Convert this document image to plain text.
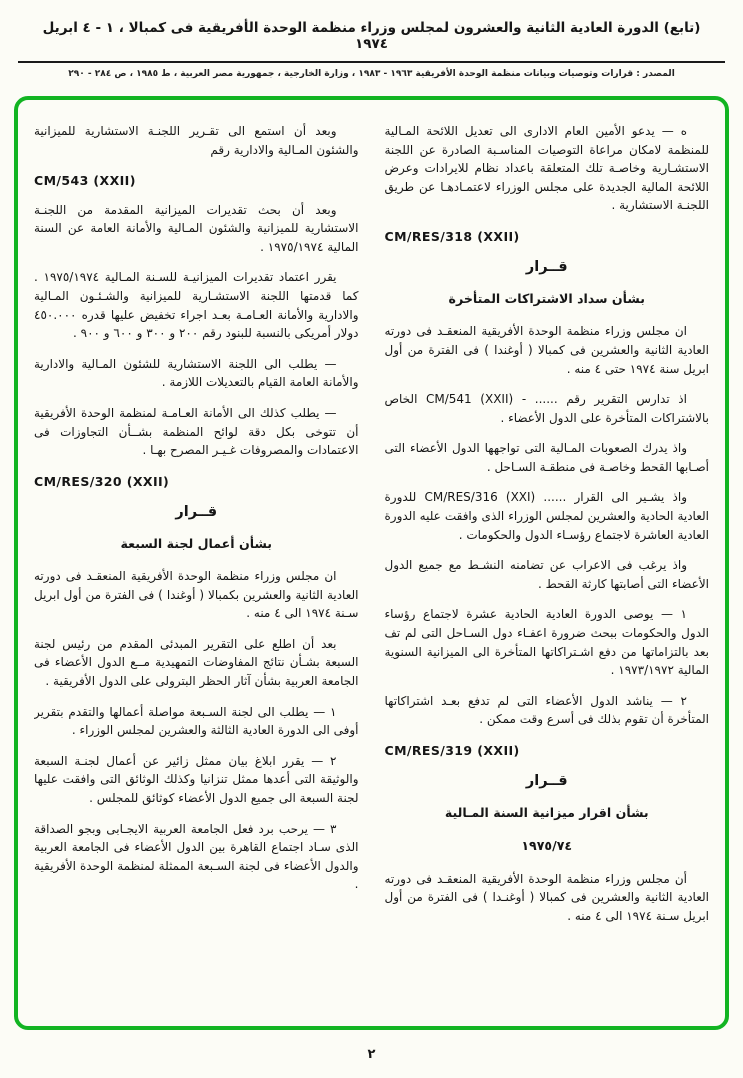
(تابع) الدورة العادية الثانية والعشرون لمجلس وزراء منظمة الوحدة الأفريقية فى كمبالا ، ١ - ٤ ابريل ١٩٧٤
المصدر : قرارات وتوصيات وبيانات منظمة الوحدة الأفريقية ١٩٦٣ - ١٩٨٣ ، وزارة الخارجية ، جمهورية مصر العربية ، ط ١٩٨٥ ، ص ٢٨٤ - ٢٩٠
ه — يدعو الأمين العام الادارى الى تعديل اللائحة المـالية للمنظمة لامكان مراعاة التوصيات المناسـبة الصادرة عن اللجنة الاستشـارية وخاصـة تلك المتعلقة باعداد نظام للايرادات وعرض اللائحة المالية الجديدة على مجلس الوزراء لاعتمـادهـا عن طريق اللجنـة الاستشارية .
CM/RES/318 (XXII)
قــرار
بشأن سداد الاشتراكات المتأخرة
ان مجلس وزراء منظمة الوحدة الأفريقية المنعقـد فى دورته العادية الثانية والعشرين فى كمبالا ( أوغندا ) فى الفترة من أول ابريل سنة ١٩٧٤ حتى ٤ منه .
اذ تدارس التقرير رقم ...... - CM/541 (XXII) الخاص بالاشتراكات المتأخرة على الدول الأعضاء .
واذ يدرك الصعوبات المـالية التى تواجهها الدول الأعضاء التى أصـابها القحط وخاصـة فى منطقـة السـاحل .
واذ يشـير الى القرار ...... CM/RES/316 (XXI) للدورة العادية الحادية والعشرين لمجلس الوزراء الذى وافقت عليه الدورة العادية العاشرة لاجتماع رؤسـاء الدول والحكومات .
واذ يرغب فى الاعراب عن تضامنه النشـط مع جميع الدول الأعضاء التى أصابتها كارثة القحط .
١ — يوصى الدورة العادية الحادية عشرة لاجتماع رؤساء الدول والحكومات ببحث ضرورة اعفـاء دول السـاحل التى لم تف بعد بالتزاماتها من دفع اشـتراكاتها المتأخرة الى الميزانية السنوية المالية ١٩٧٣/١٩٧٢ .
٢ — يناشد الدول الأعضاء التى لم تدفع بعـد اشتراكاتها المتأخرة أن تقوم بذلك فى أسرع وقت ممكن .
CM/RES/319 (XXII)
قــرار
بشأن اقرار ميزانية السنة المـالية
١٩٧٥/٧٤
أن مجلس وزراء منظمة الوحدة الأفريقية المنعقـد فى دورته العادية الثانية والعشرين فى كمبالا ( أوغنـدا ) فى الفترة من أول ابريل سـنة ١٩٧٤ الى ٤ منه .
وبعد أن استمع الى تقـرير اللجنـة الاستشارية للميزانية والشئون المـالية والادارية رقم
CM/543 (XXII)
وبعد أن بحث تقديرات الميزانية المقدمة من اللجنـة الاستشارية للميزانية والشئون المـالية والأمانة العامة عن السنة المالية ١٩٧٥/١٩٧٤ .
يقرر اعتماد تقديرات الميزانيـة للسـنة المـالية ١٩٧٥/١٩٧٤ . كما قدمتها اللجنة الاستشـارية للميزانية والشـئـون المـالية والادارية والأمانة العـامـة بعـد اجراء تخفيض عليها قدره ٤٥٠.٠٠٠ دولار أمريكى بالنسبة للبنود رقم ٢٠٠ و ٣٠٠ و ٦٠٠ و ٩٠٠ .
— يطلب الى اللجنة الاستشارية للشئون المـالية والادارية والأمانة العامة القيام بالتعديلات اللازمة .
— يطلب كذلك الى الأمانة العـامـة لمنظمة الوحدة الأفريقية أن تتوخى بكل دقة لوائح المنظمة بشــأن التجاوزات فى الاعتمادات والمصروفات غـيـر المصرح بهـا .
CM/RES/320 (XXII)
قــرار
بشأن أعمال لجنة السبعة
ان مجلس وزراء منظمة الوحدة الأفريقية المنعقـد فى دورته العادية الثانية والعشرين بكمبالا ( أوغندا ) فى الفترة من أول ابريل سـنة ١٩٧٤ الى ٤ منه .
بعد أن اطلع على التقرير المبدئى المقدم من رئيس لجنة السبعة بشـأن نتائج المفاوضات التمهيدية مــع الدول الأعضاء فى الجامعة العربية بشأن آثار الحظر البترولى على الدول الأفريقية .
١ — يطلب الى لجنة السـبعة مواصلة أعمالها والتقدم بتقرير أوفى الى الدورة العادية الثالثة والعشرين لمجلس الوزراء .
٢ — يقرر ابلاغ بيان ممثل زائير عن أعمال لجنـة السبعة والوثيقة التى أعدها ممثل تنزانيا وكذلك الوثائق التى وافقت عليها لجنة السبعة الى جميع الدول الأعضاء كوثائق للمجلس .
٣ — يرحب برد فعل الجامعة العربية الايجـابى وبجو الصداقة الذى سـاد اجتماع القاهرة بين الدول الأعضاء فى الجامعة العربية والدول الأعضاء فى لجنة السـبعة الممثلة لمنظمة الوحدة الأفريقية .
٢
